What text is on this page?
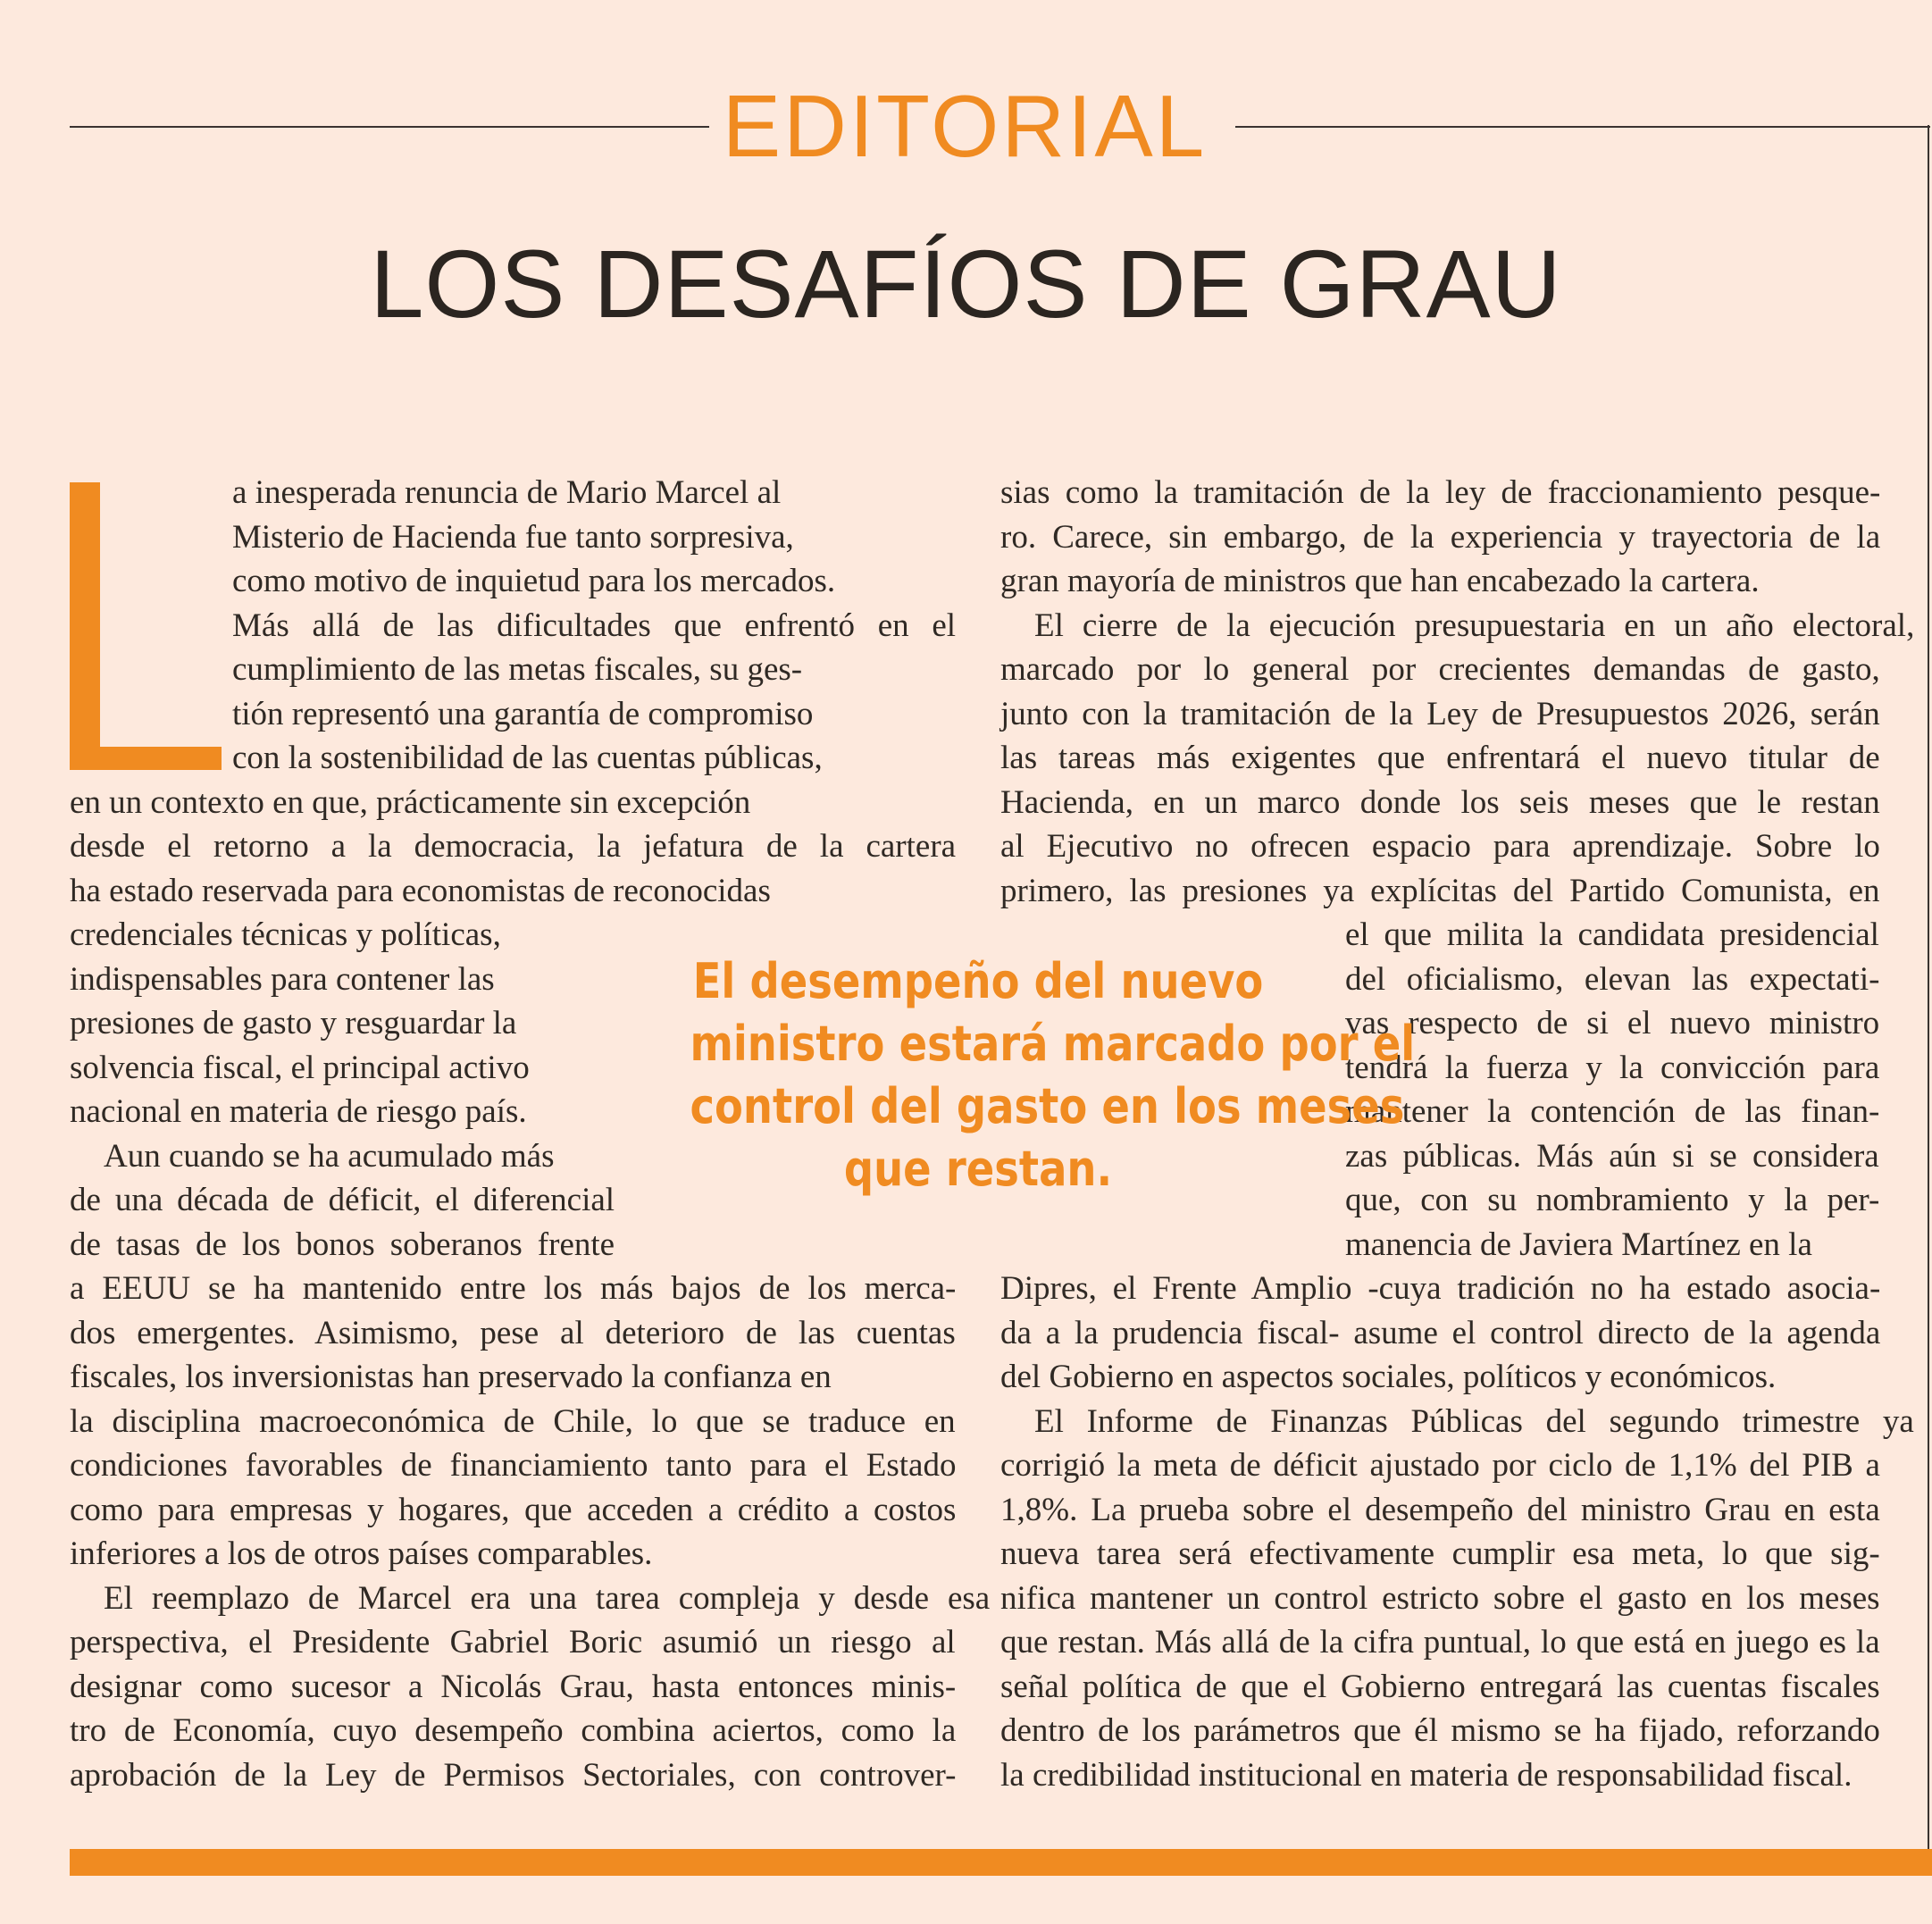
EDITORIAL
LOS DESAFÍOS DE GRAU
a inesperada renuncia de Mario Marcel al
Misterio de Hacienda fue tanto sorpresiva,
como motivo de inquietud para los mercados.
Más allá de las dificultades que enfrentó en el
cumplimiento de las metas fiscales, su ges-
tión representó una garantía de compromiso
con la sostenibilidad de las cuentas públicas,
en un contexto en que, prácticamente sin excepción
desde el retorno a la democracia, la jefatura de la cartera
ha estado reservada para economistas de reconocidas
credenciales técnicas y políticas,
indispensables para contener las
presiones de gasto y resguardar la
solvencia fiscal, el principal activo
nacional en materia de riesgo país.
Aun cuando se ha acumulado más
de una década de déficit, el diferencial
de tasas de los bonos soberanos frente
a EEUU se ha mantenido entre los más bajos de los merca-
dos emergentes. Asimismo, pese al deterioro de las cuentas
fiscales, los inversionistas han preservado la confianza en
la disciplina macroeconómica de Chile, lo que se traduce en
condiciones favorables de financiamiento tanto para el Estado
como para empresas y hogares, que acceden a crédito a costos
inferiores a los de otros países comparables.
El reemplazo de Marcel era una tarea compleja y desde esa
perspectiva, el Presidente Gabriel Boric asumió un riesgo al
designar como sucesor a Nicolás Grau, hasta entonces minis-
tro de Economía, cuyo desempeño combina aciertos, como la
aprobación de la Ley de Permisos Sectoriales, con controver-
sias como la tramitación de la ley de fraccionamiento pesque-
ro. Carece, sin embargo, de la experiencia y trayectoria de la
gran mayoría de ministros que han encabezado la cartera.
El cierre de la ejecución presupuestaria en un año electoral,
marcado por lo general por crecientes demandas de gasto,
junto con la tramitación de la Ley de Presupuestos 2026, serán
las tareas más exigentes que enfrentará el nuevo titular de
Hacienda, en un marco donde los seis meses que le restan
al Ejecutivo no ofrecen espacio para aprendizaje. Sobre lo
primero, las presiones ya explícitas del Partido Comunista, en
el que milita la candidata presidencial
del oficialismo, elevan las expectati-
vas respecto de si el nuevo ministro
tendrá la fuerza y la convicción para
mantener la contención de las finan-
zas públicas. Más aún si se considera
que, con su nombramiento y la per-
manencia de Javiera Martínez en la
Dipres, el Frente Amplio -cuya tradición no ha estado asocia-
da a la prudencia fiscal- asume el control directo de la agenda
del Gobierno en aspectos sociales, políticos y económicos.
El Informe de Finanzas Públicas del segundo trimestre ya
corrigió la meta de déficit ajustado por ciclo de 1,1% del PIB a
1,8%. La prueba sobre el desempeño del ministro Grau en esta
nueva tarea será efectivamente cumplir esa meta, lo que sig-
nifica mantener un control estricto sobre el gasto en los meses
que restan. Más allá de la cifra puntual, lo que está en juego es la
señal política de que el Gobierno entregará las cuentas fiscales
dentro de los parámetros que él mismo se ha fijado, reforzando
la credibilidad institucional en materia de responsabilidad fiscal.
El desempeño del nuevo
ministro estará marcado por el
control del gasto en los meses
que restan.
